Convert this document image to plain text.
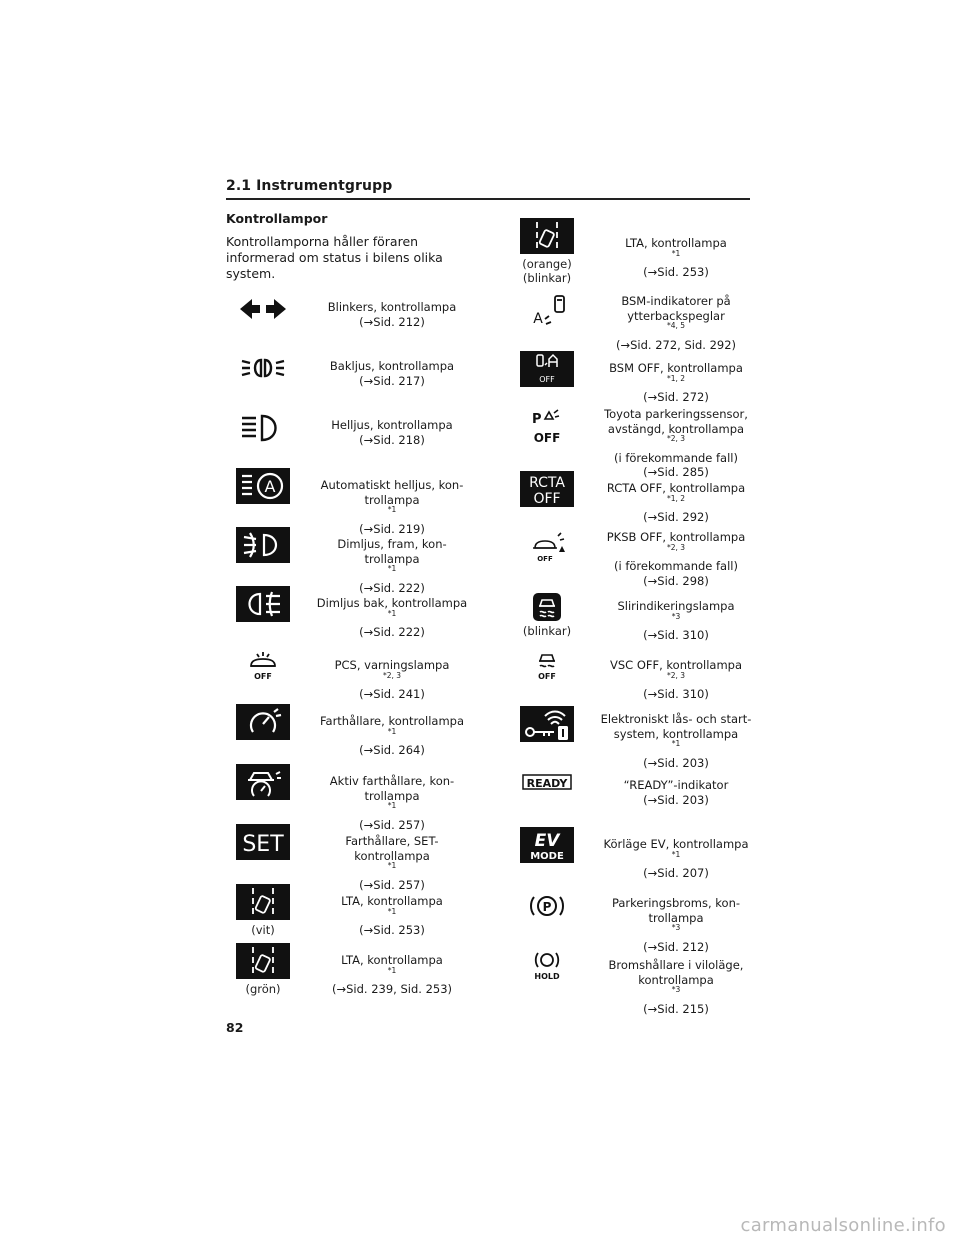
2.1 Instrumentgrupp
Kontrollampor
Kontrollamporna håller föraren informerad om status i bilens olika system.
Blinkers, kontrollampa
(→Sid. 212)
Bakljus, kontrollampa
(→Sid. 217)
Helljus, kontrollampa
(→Sid. 218)
A	Automatiskt helljus, kon-
trollampa
$^{*1}$
(→Sid. 219)
Dimljus, fram, kon-
trollampa
$^{*1}$
(→Sid. 222)
Dimljus bak, kontrollampa
$^{*1}$
(→Sid. 222)
OFF
PCS, varningslampa
$^{*2, 3}$
(→Sid. 241)
Farthållare, kontrollampa
$^{*1}$
(→Sid. 264)
Aktiv farthållare, kon-
trollampa
$^{*1}$
(→Sid. 257)
SET	Farthållare, SET-
kontrollampa
$^{*1}$
(→Sid. 257)
(vit)
LTA, kontrollampa
$^{*1}$
(→Sid. 253)
(grön)
LTA, kontrollampa
$^{*1}$
(→Sid. 239, Sid. 253)
(orange)
(blinkar)
LTA, kontrollampa
$^{*1}$
(→Sid. 253)
A
BSM-indikatorer på
ytterbackspeglar
$^{*4, 5}$
(→Sid. 272, Sid. 292)
OFF
BSM OFF, kontrollampa
$^{*1, 2}$
(→Sid. 272)
P
OFF
Toyota parkeringssensor,
avstängd, kontrollampa
$^{*2, 3}$
(i förekommande fall)
(→Sid. 285)
RCTA
OFF
RCTA OFF, kontrollampa
$^{*1, 2}$
(→Sid. 292)
OFF
PKSB OFF, kontrollampa
$^{*2, 3}$
(i förekommande fall)
(→Sid. 298)
(blinkar)
Slirindikeringslampa
$^{*3}$
(→Sid. 310)
OFF
VSC OFF, kontrollampa
$^{*2, 3}$
(→Sid. 310)
Elektroniskt lås- och start-
system, kontrollampa
$^{*1}$
(→Sid. 203)
READY	“READY”-indikator
(→Sid. 203)
EV
MODE
Körläge EV, kontrollampa
$^{*1}$
(→Sid. 207)
P	Parkeringsbroms, kon-
trollampa
$^{*3}$
(→Sid. 212)
HOLD
Bromshållare i viloläge,
kontrollampa
$^{*3}$
(→Sid. 215)
82
carmanualsonline.info
